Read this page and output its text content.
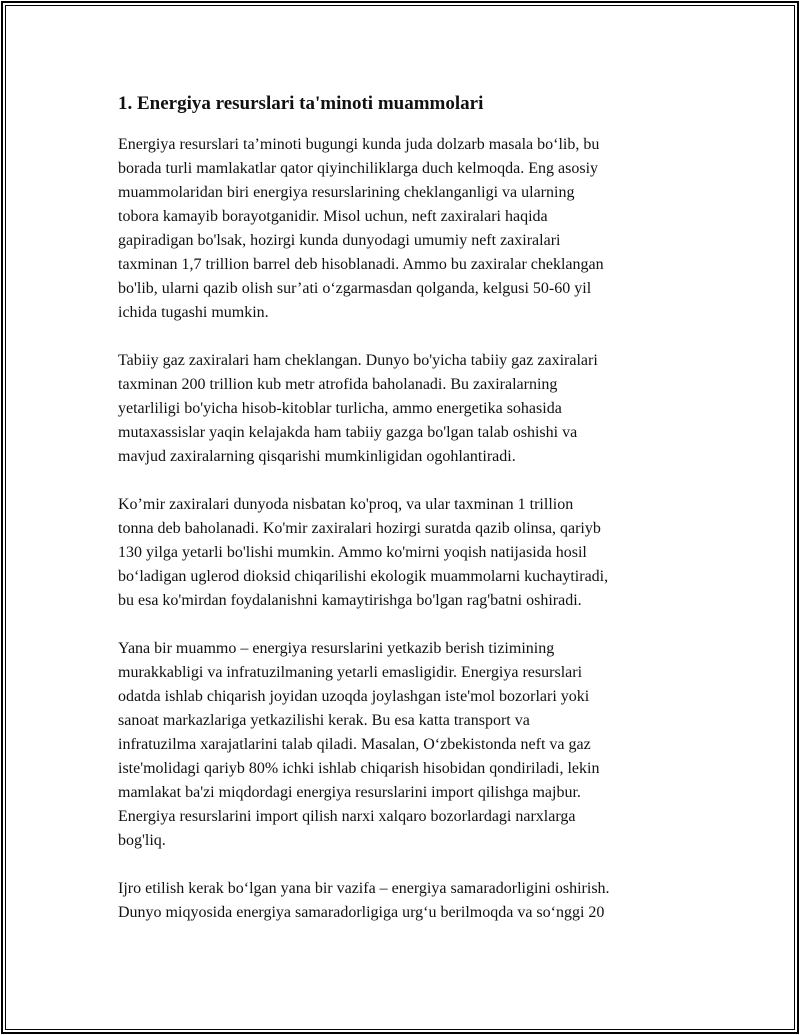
1. Energiya resurslari ta'minoti muammolari

Energiya resurslari ta’minoti bugungi kunda juda dolzarb masala bo‘lib, bu
borada turli mamlakatlar qator qiyinchiliklarga duch kelmoqda. Eng asosiy
muammolaridan biri energiya resurslarining cheklanganligi va ularning
tobora kamayib borayotganidir. Misol uchun, neft zaxiralari haqida
gapiradigan bo'lsak, hozirgi kunda dunyodagi umumiy neft zaxiralari
taxminan 1,7 trillion barrel deb hisoblanadi. Ammo bu zaxiralar cheklangan
bo'lib, ularni qazib olish sur’ati o‘zgarmasdan qolganda, kelgusi 50-60 yil
ichida tugashi mumkin.

Tabiiy gaz zaxiralari ham cheklangan. Dunyo bo'yicha tabiiy gaz zaxiralari
taxminan 200 trillion kub metr atrofida baholanadi. Bu zaxiralarning
yetarliligi bo'yicha hisob-kitoblar turlicha, ammo energetika sohasida
mutaxassislar yaqin kelajakda ham tabiiy gazga bo'lgan talab oshishi va
mavjud zaxiralarning qisqarishi mumkinligidan ogohlantiradi.

Ko’mir zaxiralari dunyoda nisbatan ko'proq, va ular taxminan 1 trillion
tonna deb baholanadi. Ko'mir zaxiralari hozirgi suratda qazib olinsa, qariyb
130 yilga yetarli bo'lishi mumkin. Ammo ko'mirni yoqish natijasida hosil
bo‘ladigan uglerod dioksid chiqarilishi ekologik muammolarni kuchaytiradi,
bu esa ko'mirdan foydalanishni kamaytirishga bo'lgan rag'batni oshiradi.

Yana bir muammo – energiya resurslarini yetkazib berish tizimining
murakkabligi va infratuzilmaning yetarli emasligidir. Energiya resurslari
odatda ishlab chiqarish joyidan uzoqda joylashgan iste'mol bozorlari yoki
sanoat markazlariga yetkazilishi kerak. Bu esa katta transport va
infratuzilma xarajatlarini talab qiladi. Masalan, O‘zbekistonda neft va gaz
iste'molidagi qariyb 80% ichki ishlab chiqarish hisobidan qondiriladi, lekin
mamlakat ba'zi miqdordagi energiya resurslarini import qilishga majbur.
Energiya resurslarini import qilish narxi xalqaro bozorlardagi narxlarga
bog'liq.

Ijro etilish kerak bo‘lgan yana bir vazifa – energiya samaradorligini oshirish.
Dunyo miqyosida energiya samaradorligiga urg‘u berilmoqda va so‘nggi 20
